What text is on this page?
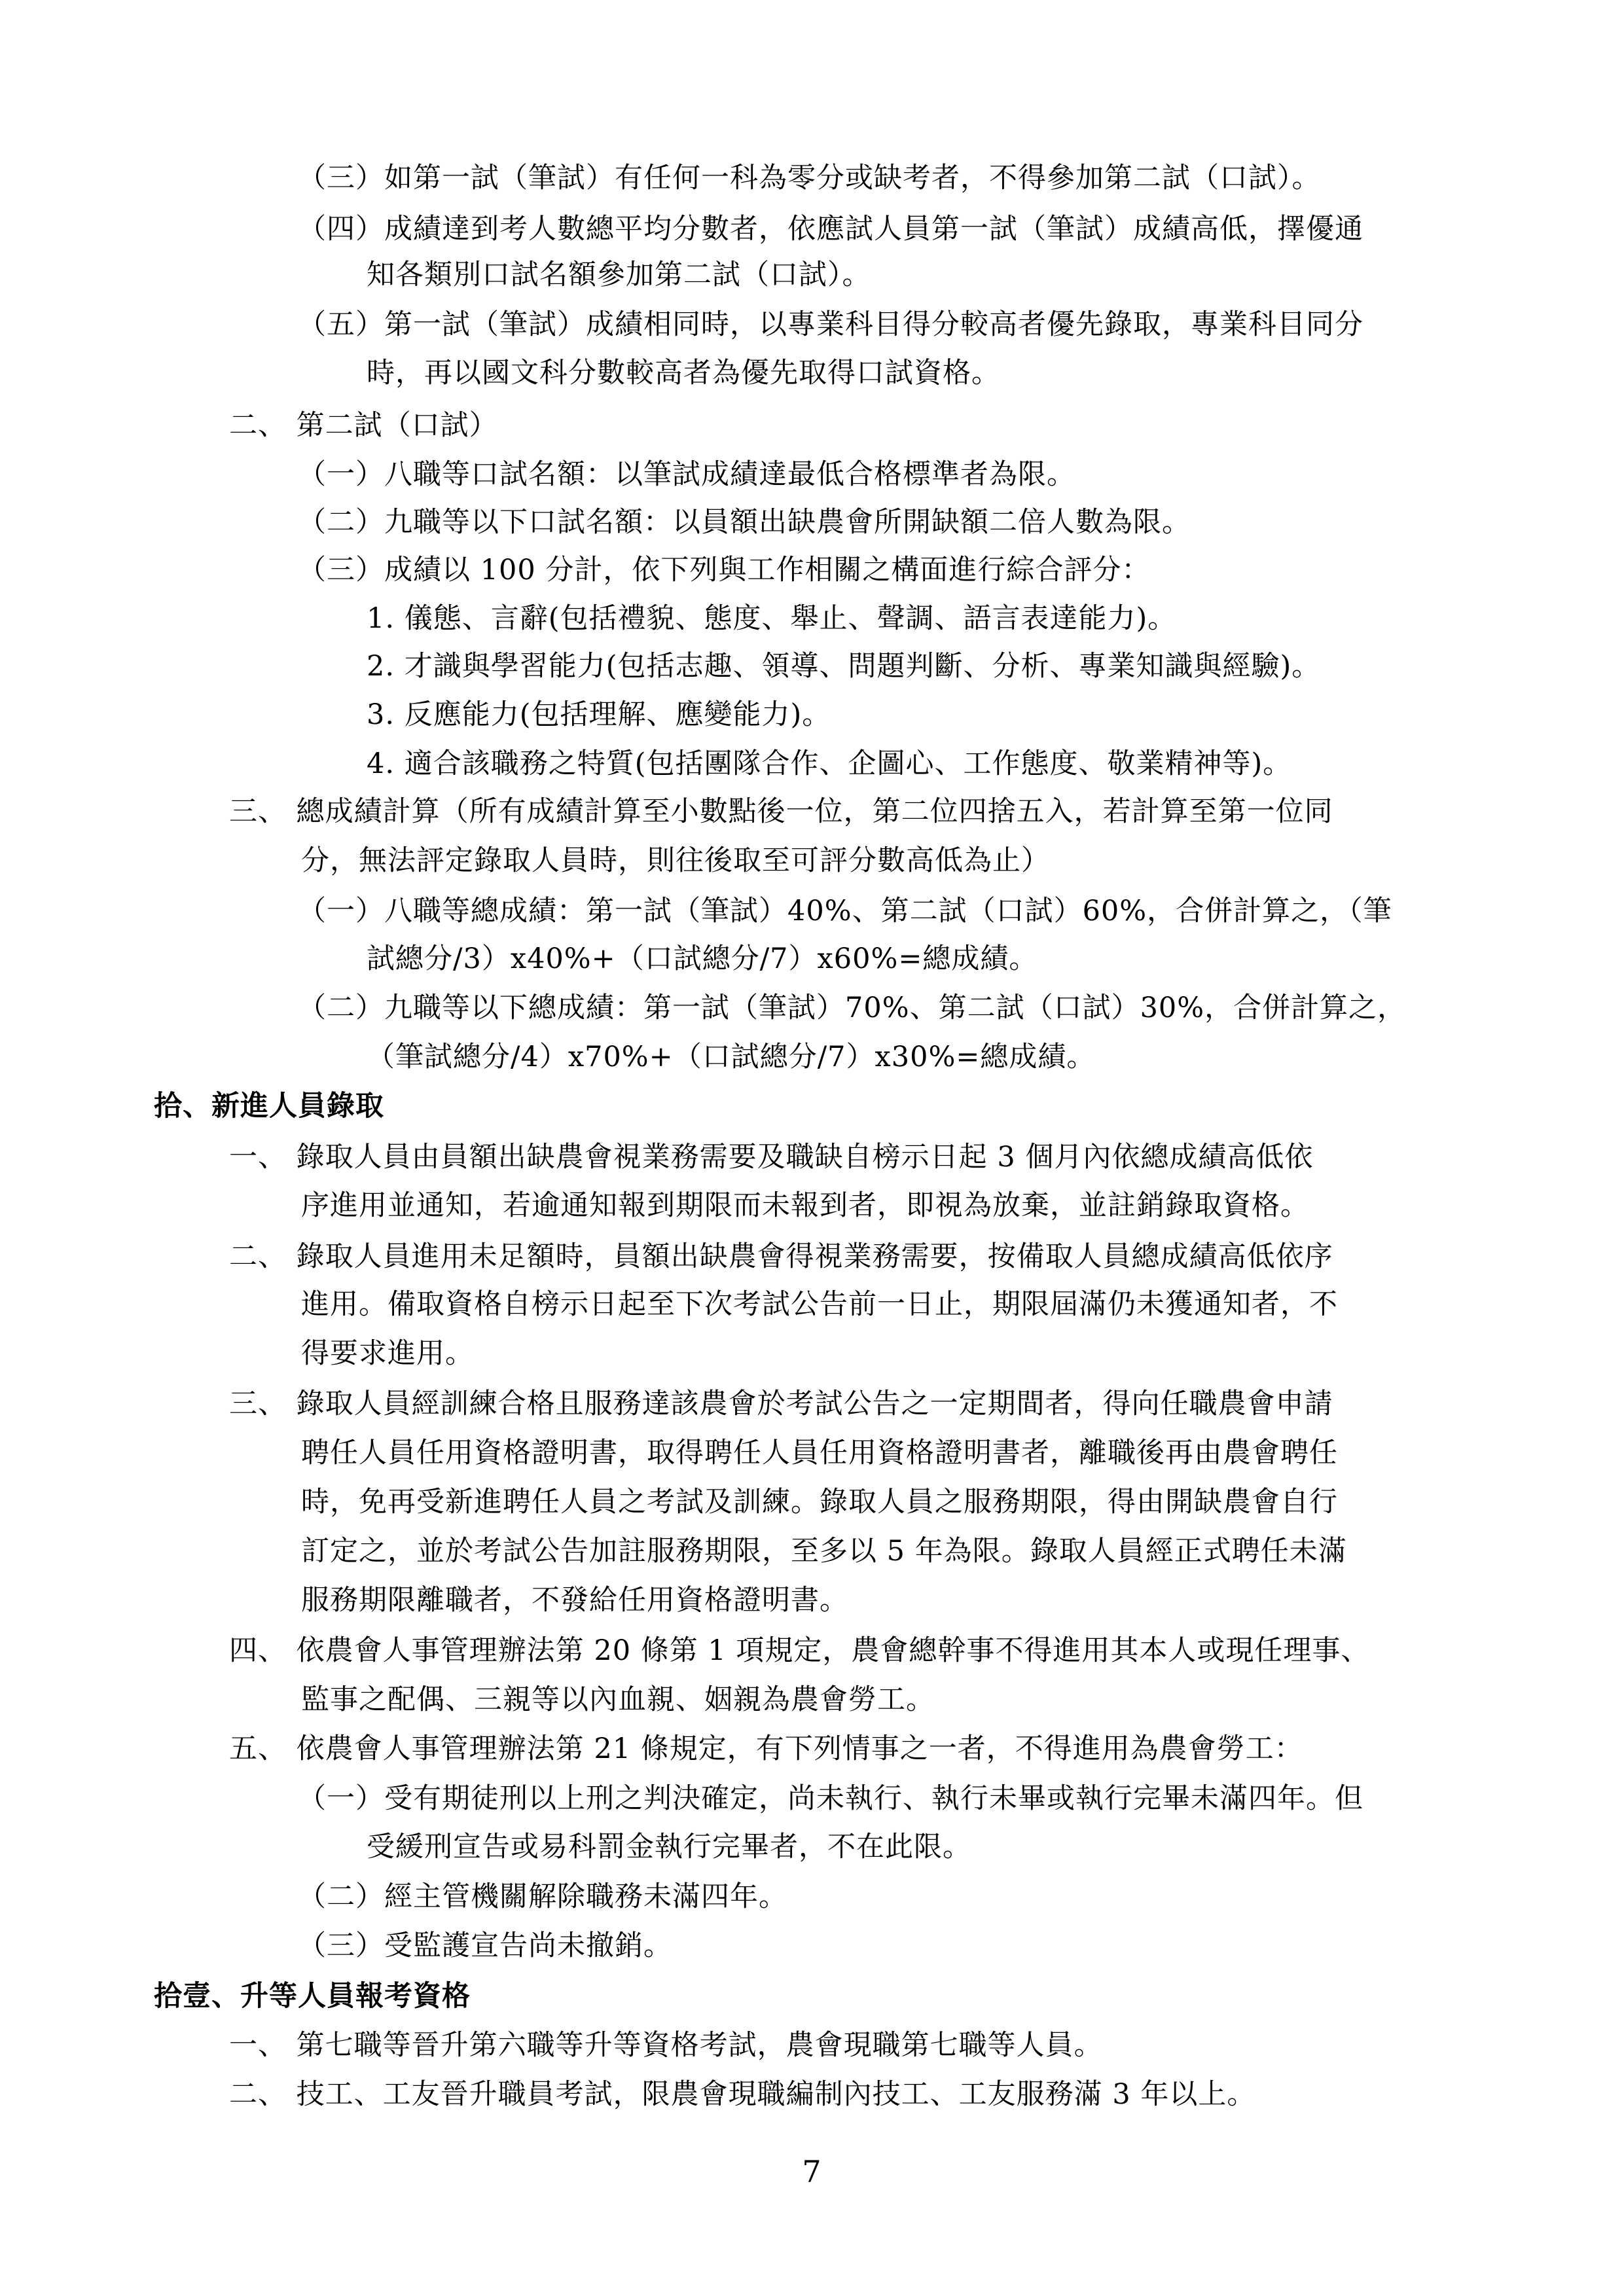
（三）如第一試（筆試）有任何一科為零分或缺考者，不得參加第二試（口試）。
（四）成績達到考人數總平均分數者，依應試人員第一試（筆試）成績高低，擇優通
知各類別口試名額參加第二試（口試）。
（五）第一試（筆試）成績相同時，以專業科目得分較高者優先錄取，專業科目同分
時，再以國文科分數較高者為優先取得口試資格。
二、 第二試（口試）
（一）八職等口試名額：以筆試成績達最低合格標準者為限。
（二）九職等以下口試名額：以員額出缺農會所開缺額二倍人數為限。
（三）成績以 100 分計，依下列與工作相關之構面進行綜合評分：
1. 儀態、言辭(包括禮貌、態度、舉止、聲調、語言表達能力)。
2. 才識與學習能力(包括志趣、領導、問題判斷、分析、專業知識與經驗)。
3. 反應能力(包括理解、應變能力)。
4. 適合該職務之特質(包括團隊合作、企圖心、工作態度、敬業精神等)。
三、 總成績計算（所有成績計算至小數點後一位，第二位四捨五入，若計算至第一位同
分，無法評定錄取人員時，則往後取至可評分數高低為止）
（一）八職等總成績：第一試（筆試）40%、第二試（口試）60%，合併計算之，（筆
試總分/3）x40%+（口試總分/7）x60%=總成績。
（二）九職等以下總成績：第一試（筆試）70%、第二試（口試）30%，合併計算之，
（筆試總分/4）x70%+（口試總分/7）x30%=總成績。
拾、新進人員錄取
一、 錄取人員由員額出缺農會視業務需要及職缺自榜示日起 3 個月內依總成績高低依
序進用並通知，若逾通知報到期限而未報到者，即視為放棄，並註銷錄取資格。
二、 錄取人員進用未足額時，員額出缺農會得視業務需要，按備取人員總成績高低依序
進用。備取資格自榜示日起至下次考試公告前一日止，期限屆滿仍未獲通知者，不
得要求進用。
三、 錄取人員經訓練合格且服務達該農會於考試公告之一定期間者，得向任職農會申請
聘任人員任用資格證明書，取得聘任人員任用資格證明書者，離職後再由農會聘任
時，免再受新進聘任人員之考試及訓練。錄取人員之服務期限，得由開缺農會自行
訂定之，並於考試公告加註服務期限，至多以 5 年為限。錄取人員經正式聘任未滿
服務期限離職者，不發給任用資格證明書。
四、 依農會人事管理辦法第 20 條第 1 項規定，農會總幹事不得進用其本人或現任理事、
監事之配偶、三親等以內血親、姻親為農會勞工。
五、 依農會人事管理辦法第 21 條規定，有下列情事之一者，不得進用為農會勞工：
（一）受有期徒刑以上刑之判決確定，尚未執行、執行未畢或執行完畢未滿四年。但
受緩刑宣告或易科罰金執行完畢者，不在此限。
（二）經主管機關解除職務未滿四年。
（三）受監護宣告尚未撤銷。
拾壹、升等人員報考資格
一、 第七職等晉升第六職等升等資格考試，農會現職第七職等人員。
二、 技工、工友晉升職員考試，限農會現職編制內技工、工友服務滿 3 年以上。
7
